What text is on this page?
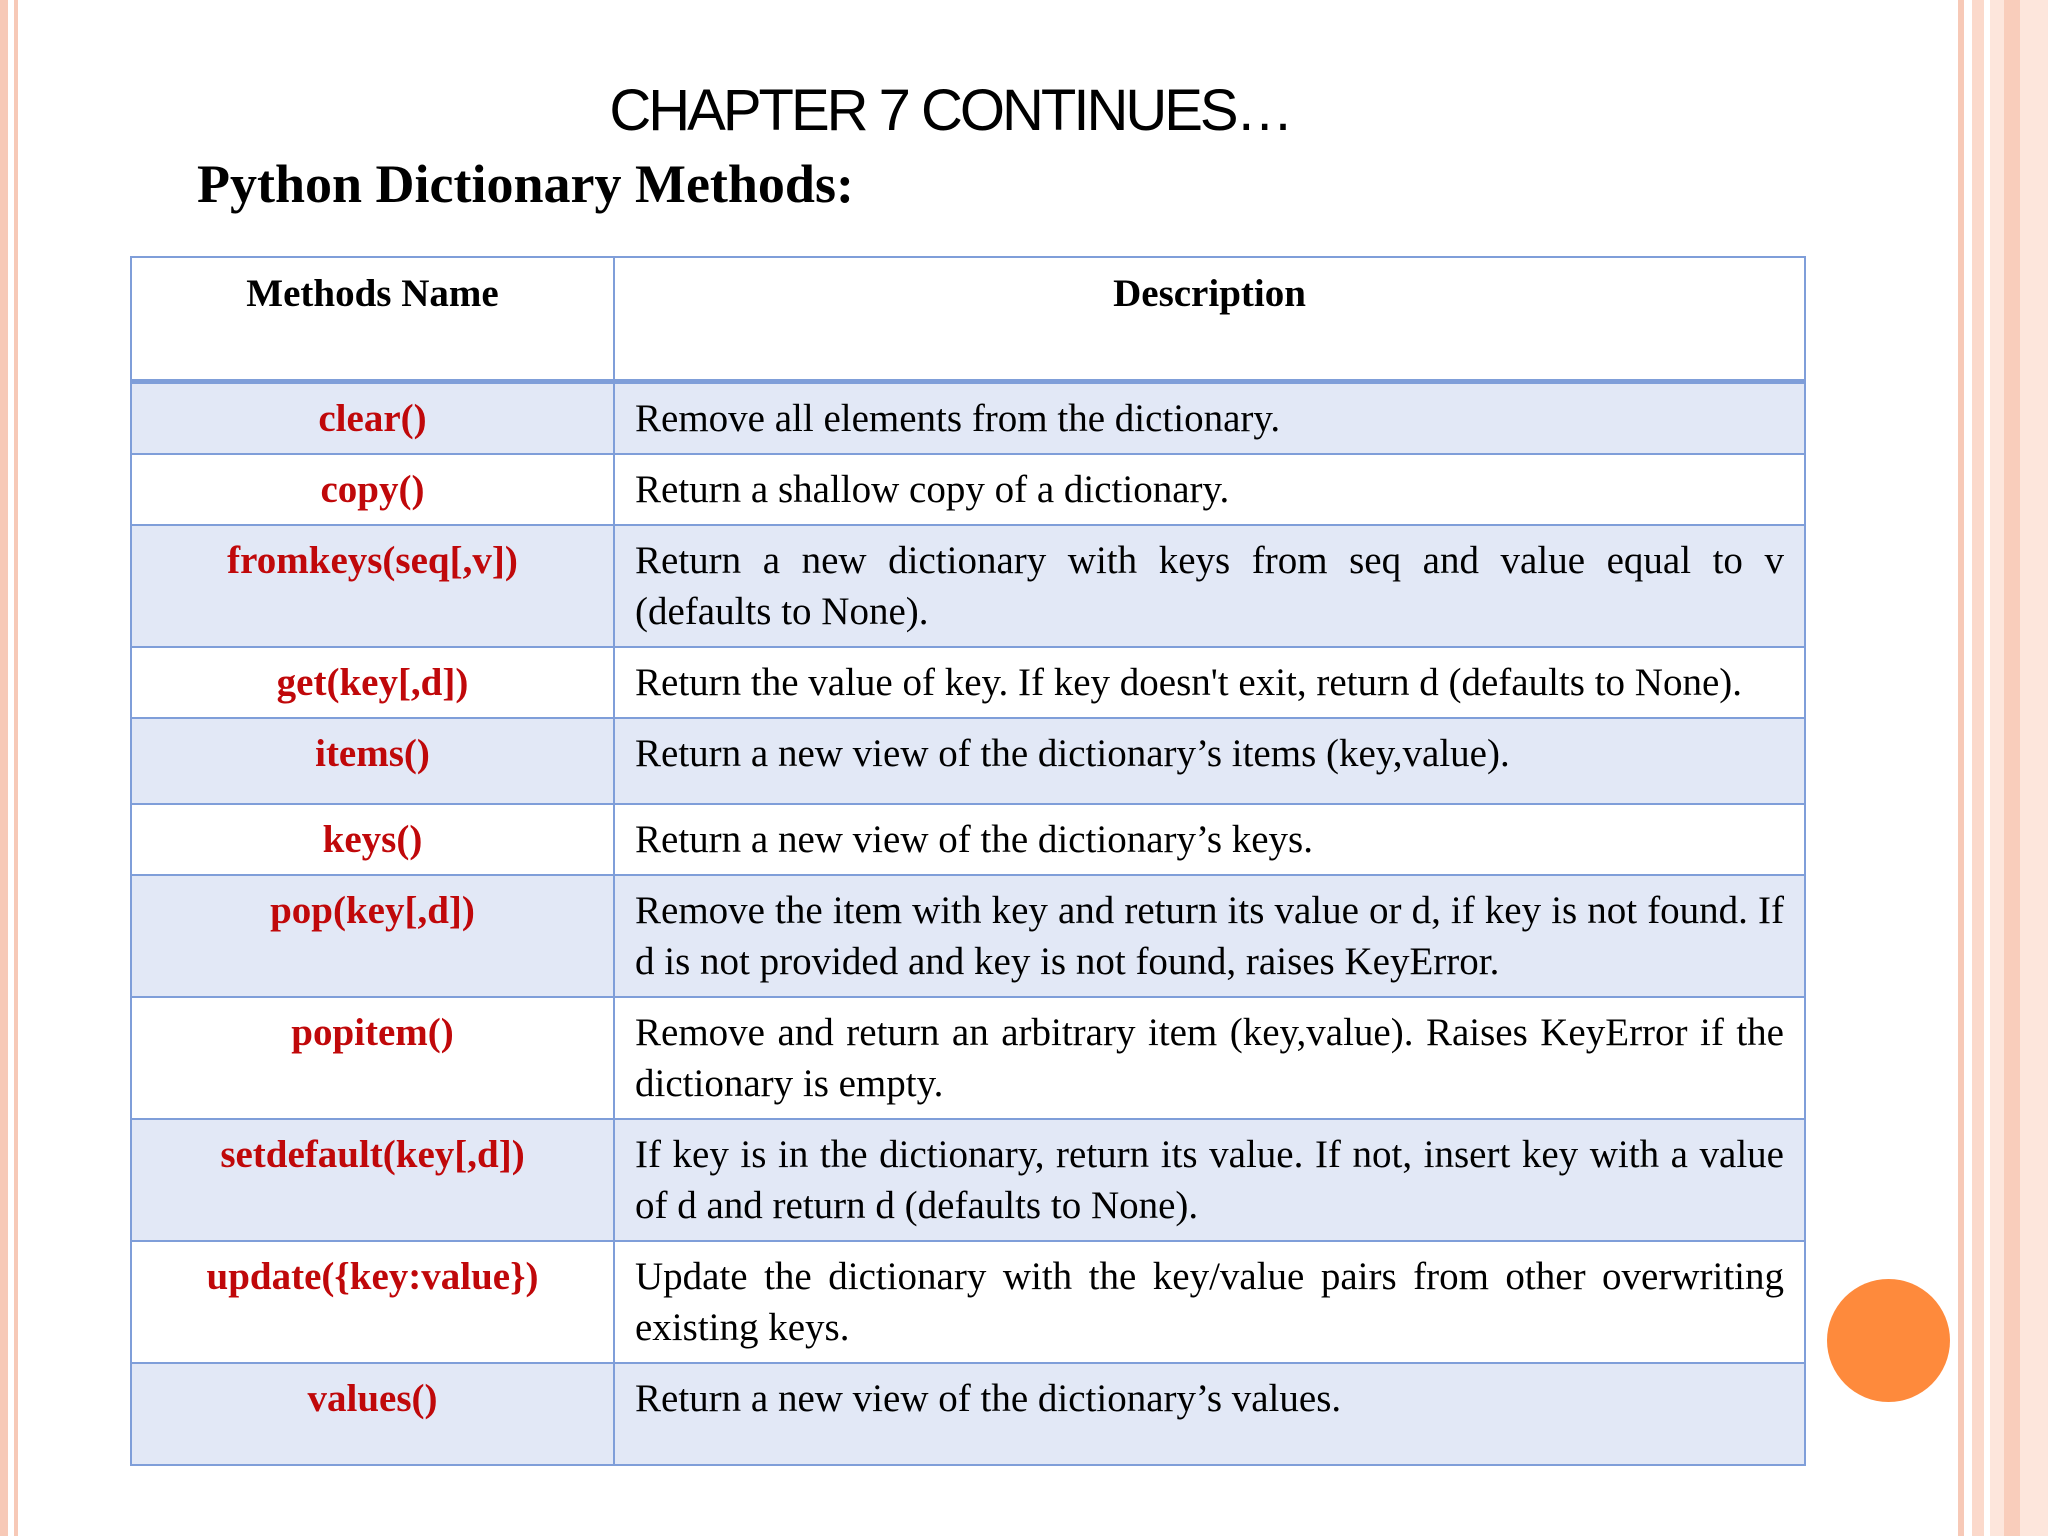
CHAPTER 7 CONTINUES…
Python Dictionary Methods:
Methods Name	Description
clear()	Remove all elements from the dictionary.
copy()	Return a shallow copy of a dictionary.
fromkeys(seq[,v])	Return a new dictionary with keys from seq and value equal to v (defaults to None).
get(key[,d])	Return the value of key. If key doesn't exit, return d (defaults to None).
items()	Return a new view of the dictionary’s items (key,value).
keys()	Return a new view of the dictionary’s keys.
pop(key[,d])	Remove the item with key and return its value or d, if key is not found. If d is not provided and key is not found, raises KeyError.
popitem()	Remove and return an arbitrary item (key,value). Raises KeyError if the dictionary is empty.
setdefault(key[,d])	If key is in the dictionary, return its value. If not, insert key with a value of d and return d (defaults to None).
update({key:value})	Update the dictionary with the key/value pairs from other overwriting existing keys.
values()	Return a new view of the dictionary’s values.
